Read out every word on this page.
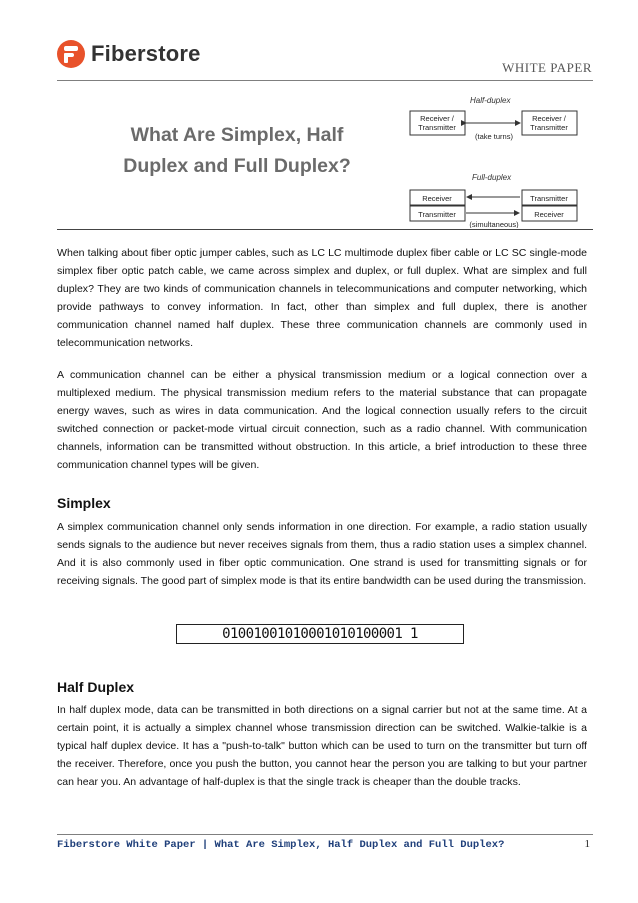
Fiberstore
WHITE PAPER
What Are Simplex, Half
Duplex and Full Duplex?
Half-duplex
Receiver /
Transmitter
Receiver /
Transmitter
(take turns)
Full-duplex
Receiver
Transmitter
Transmitter
Receiver
(simultaneous)

When talking about fiber optic jumper cables, such as LC LC multimode duplex fiber cable or LC SC single-mode simplex fiber optic patch cable, we came across simplex and duplex, or full duplex. What are simplex and full duplex? They are two kinds of communication channels in telecommunications and computer networking, which provide pathways to convey information. In fact, other than simplex and full duplex, there is another communication channel named half duplex. These three communication channels are commonly used in telecommunication networks.

A communication channel can be either a physical transmission medium or a logical connection over a multiplexed medium. The physical transmission medium refers to the material substance that can propagate energy waves, such as wires in data communication. And the logical connection usually refers to the circuit switched connection or packet-mode virtual circuit connection, such as a radio channel. With communication channels, information can be transmitted without obstruction. In this article, a brief introduction to these three communication channel types will be given.

Simplex

A simplex communication channel only sends information in one direction. For example, a radio station usually sends signals to the audience but never receives signals from them, thus a radio station uses a simplex channel. And it is also commonly used in fiber optic communication. One strand is used for transmitting signals or for receiving signals. The good part of simplex mode is that its entire bandwidth can be used during the transmission.

01001001010001010100001 1
Half Duplex

In half duplex mode, data can be transmitted in both directions on a signal carrier but not at the same time. At a certain point, it is actually a simplex channel whose transmission direction can be switched. Walkie-talkie is a typical half duplex device. It has a "push-to-talk" button which can be used to turn on the transmitter but turn off the receiver. Therefore, once you push the button, you cannot hear the person you are talking to but your partner can hear you. An advantage of half-duplex is that the single track is cheaper than the double tracks.

Fiberstore White Paper | What Are Simplex, Half Duplex and Full Duplex?	1
